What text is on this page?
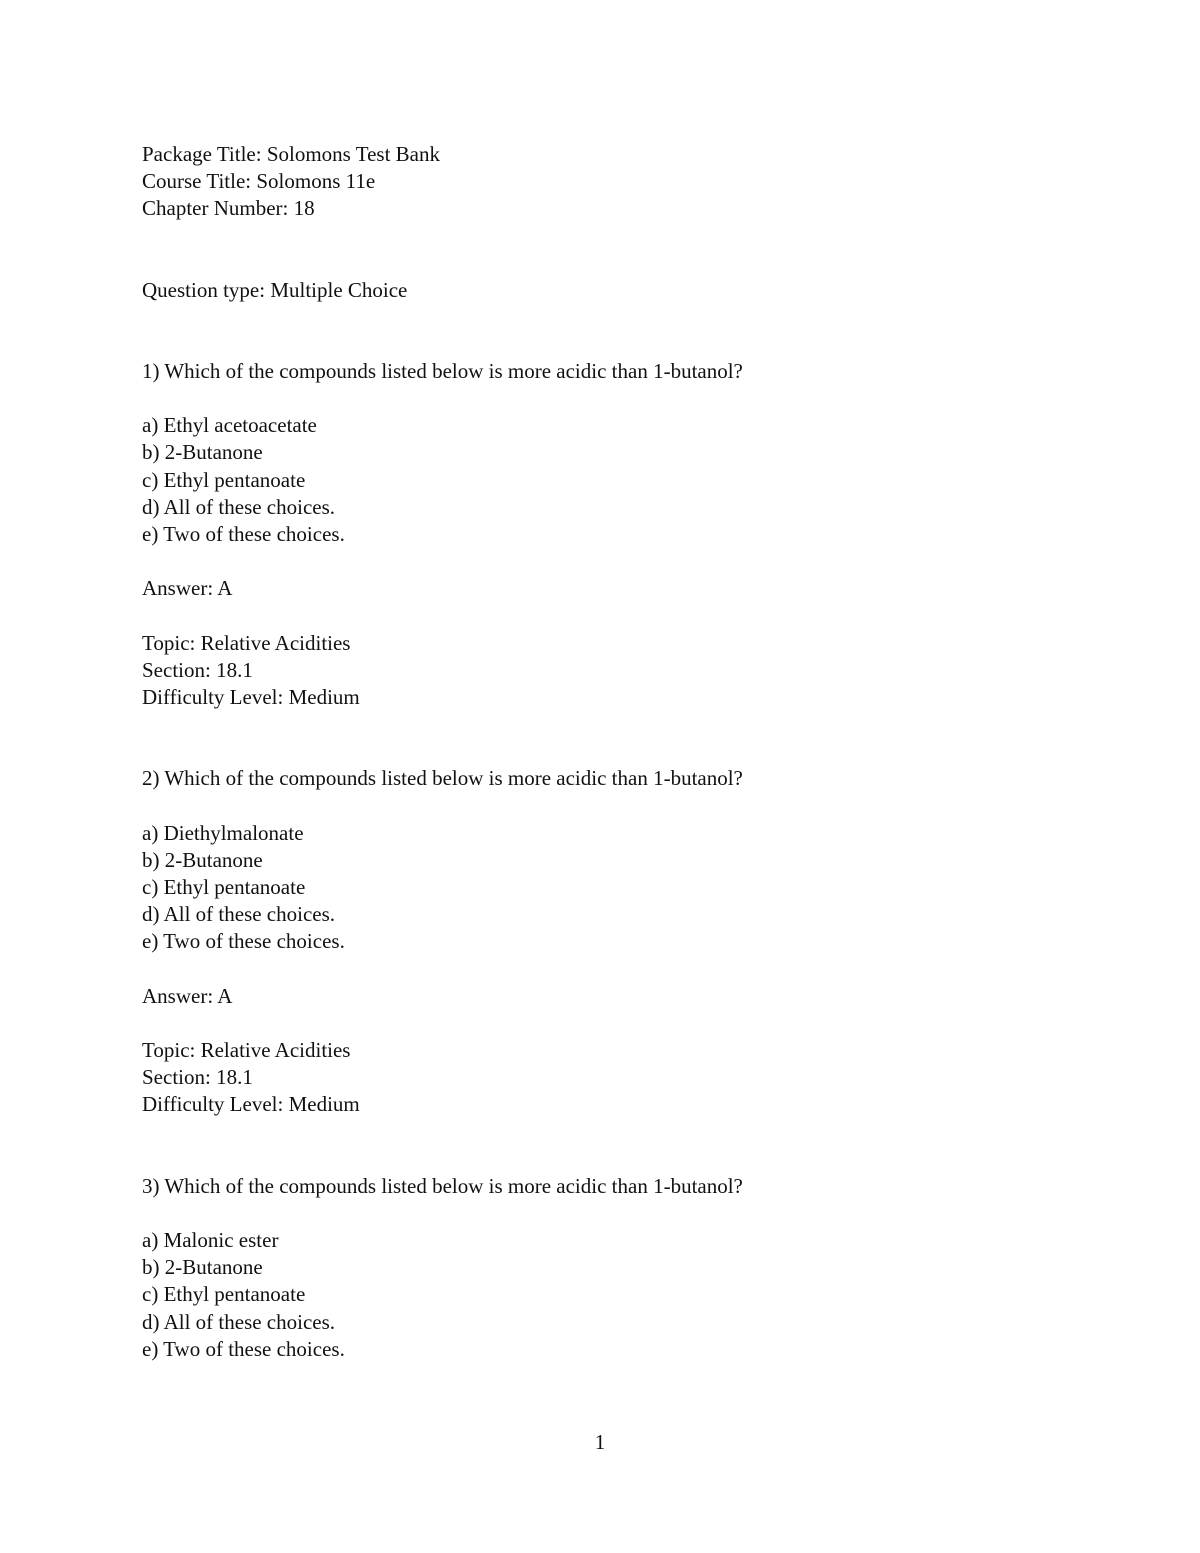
Package Title: Solomons Test Bank
Course Title: Solomons 11e
Chapter Number: 18
Question type: Multiple Choice
1) Which of the compounds listed below is more acidic than 1-butanol?
a) Ethyl acetoacetate
b) 2-Butanone
c) Ethyl pentanoate
d) All of these choices.
e) Two of these choices.
Answer: A
Topic: Relative Acidities
Section: 18.1
Difficulty Level: Medium
2) Which of the compounds listed below is more acidic than 1-butanol?
a) Diethylmalonate
b) 2-Butanone
c) Ethyl pentanoate
d) All of these choices.
e) Two of these choices.
Answer: A
Topic: Relative Acidities
Section: 18.1
Difficulty Level: Medium
3) Which of the compounds listed below is more acidic than 1-butanol?
a) Malonic ester
b) 2-Butanone
c) Ethyl pentanoate
d) All of these choices.
e) Two of these choices.
1
